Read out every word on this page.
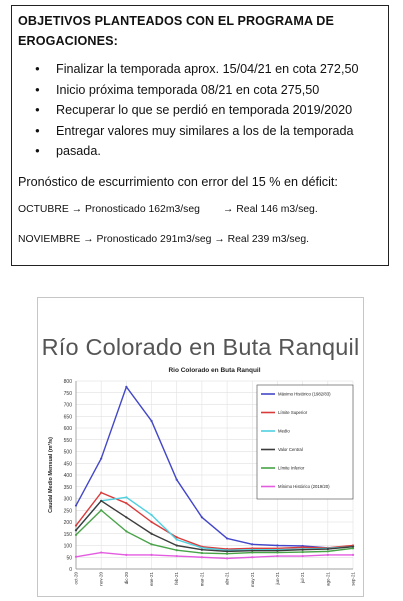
OBJETIVOS PLANTEADOS CON EL PROGRAMA DE
EROGACIONES:
● Finalizar la temporada aprox. 15/04/21 en cota 272,50
● Inicio próxima temporada 08/21 en cota 275,50
● Recuperar lo que se perdió en temporada 2019/2020
● Entregar valores muy similares a los de la temporada
● pasada.
Pronóstico de escurrimiento con error del 15 % en déficit:
OCTUBRE → Pronosticado 162m3/seg        → Real 146 m3/seg.
NOVIEMBRE → Pronosticado 291m3/seg → Real 239 m3/seg.
Río Colorado en Buta Ranquil
Rio Colorado en Buta Ranquil
0
50
100
150
200
250
300
350
400
450
500
550
600
650
700
750
800
oct-20	nov-20	dic-20	ene-21	feb-21	mar-21	abr-21	may-21	jun-21	jul-21	ago-21	sep-21
Caudal Medio Mensual (m³/s)
Máximo Histórico (1982/83)
Límite Superior
Medio
Valor Central
Límite Inferior
Mínimo Histórico (2019/20)
